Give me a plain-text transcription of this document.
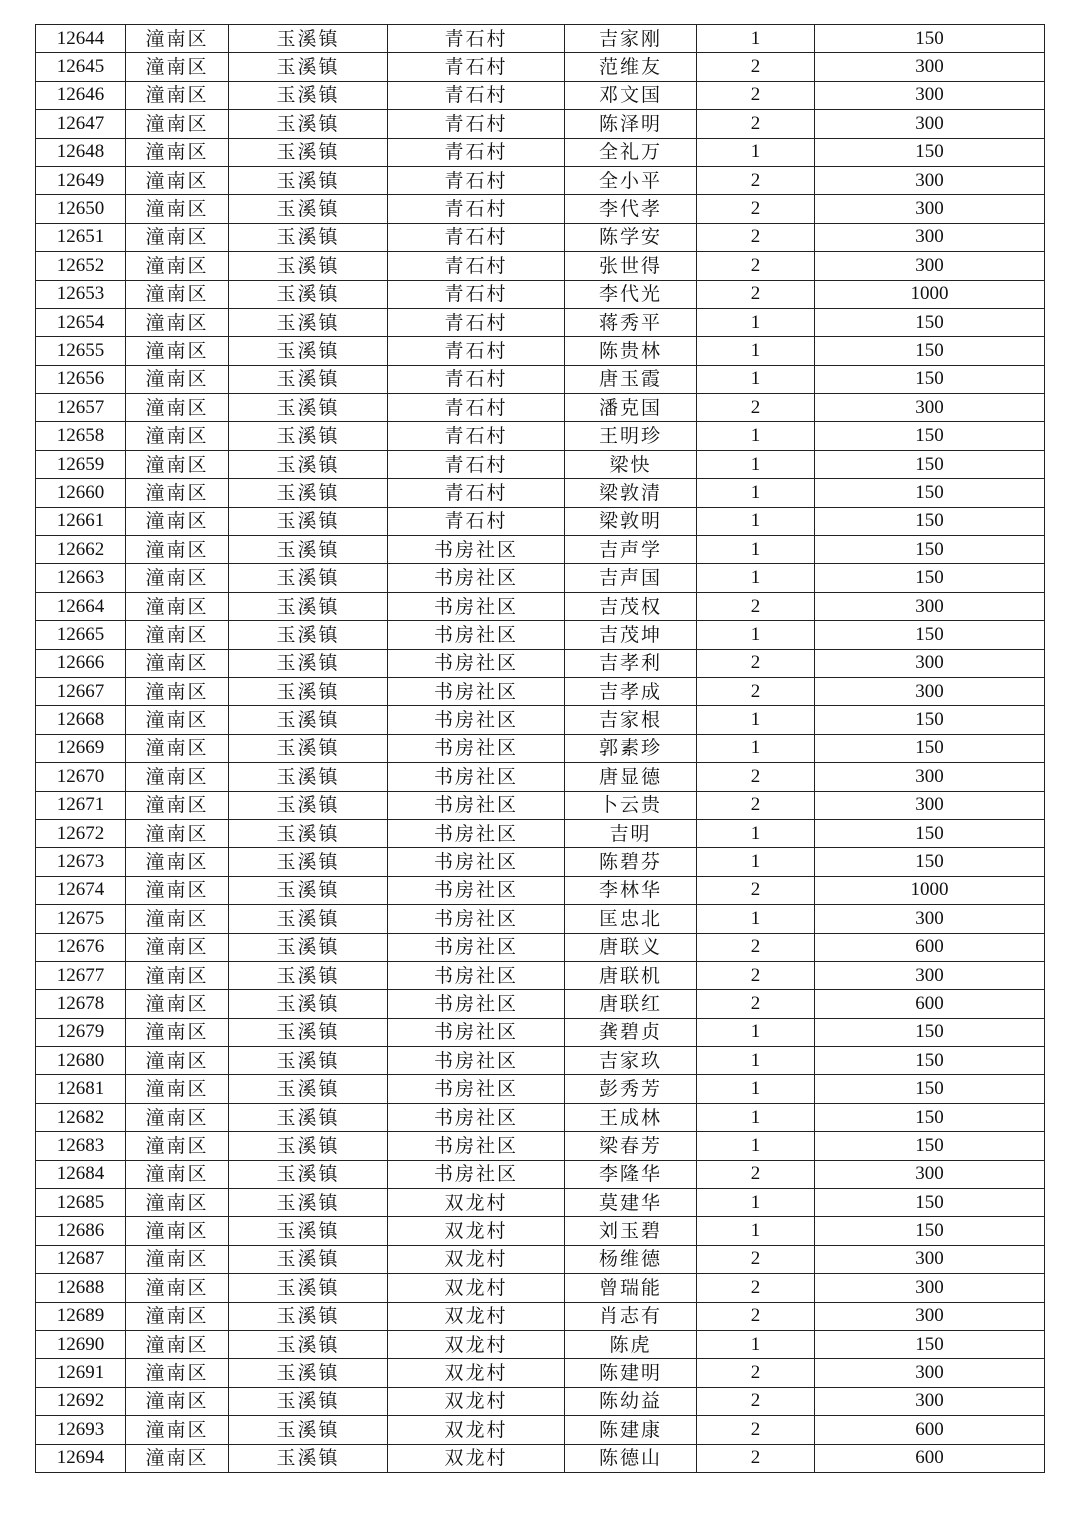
12644	潼南区	玉溪镇	青石村	吉家刚	1	150
12645	潼南区	玉溪镇	青石村	范维友	2	300
12646	潼南区	玉溪镇	青石村	邓文国	2	300
12647	潼南区	玉溪镇	青石村	陈泽明	2	300
12648	潼南区	玉溪镇	青石村	全礼万	1	150
12649	潼南区	玉溪镇	青石村	全小平	2	300
12650	潼南区	玉溪镇	青石村	李代孝	2	300
12651	潼南区	玉溪镇	青石村	陈学安	2	300
12652	潼南区	玉溪镇	青石村	张世得	2	300
12653	潼南区	玉溪镇	青石村	李代光	2	1000
12654	潼南区	玉溪镇	青石村	蒋秀平	1	150
12655	潼南区	玉溪镇	青石村	陈贵林	1	150
12656	潼南区	玉溪镇	青石村	唐玉霞	1	150
12657	潼南区	玉溪镇	青石村	潘克国	2	300
12658	潼南区	玉溪镇	青石村	王明珍	1	150
12659	潼南区	玉溪镇	青石村	梁快	1	150
12660	潼南区	玉溪镇	青石村	梁敦清	1	150
12661	潼南区	玉溪镇	青石村	梁敦明	1	150
12662	潼南区	玉溪镇	书房社区	吉声学	1	150
12663	潼南区	玉溪镇	书房社区	吉声国	1	150
12664	潼南区	玉溪镇	书房社区	吉茂权	2	300
12665	潼南区	玉溪镇	书房社区	吉茂坤	1	150
12666	潼南区	玉溪镇	书房社区	吉孝利	2	300
12667	潼南区	玉溪镇	书房社区	吉孝成	2	300
12668	潼南区	玉溪镇	书房社区	吉家根	1	150
12669	潼南区	玉溪镇	书房社区	郭素珍	1	150
12670	潼南区	玉溪镇	书房社区	唐显德	2	300
12671	潼南区	玉溪镇	书房社区	卜云贵	2	300
12672	潼南区	玉溪镇	书房社区	吉明	1	150
12673	潼南区	玉溪镇	书房社区	陈碧芬	1	150
12674	潼南区	玉溪镇	书房社区	李林华	2	1000
12675	潼南区	玉溪镇	书房社区	匡忠北	1	300
12676	潼南区	玉溪镇	书房社区	唐联义	2	600
12677	潼南区	玉溪镇	书房社区	唐联机	2	300
12678	潼南区	玉溪镇	书房社区	唐联红	2	600
12679	潼南区	玉溪镇	书房社区	龚碧贞	1	150
12680	潼南区	玉溪镇	书房社区	吉家玖	1	150
12681	潼南区	玉溪镇	书房社区	彭秀芳	1	150
12682	潼南区	玉溪镇	书房社区	王成林	1	150
12683	潼南区	玉溪镇	书房社区	梁春芳	1	150
12684	潼南区	玉溪镇	书房社区	李隆华	2	300
12685	潼南区	玉溪镇	双龙村	莫建华	1	150
12686	潼南区	玉溪镇	双龙村	刘玉碧	1	150
12687	潼南区	玉溪镇	双龙村	杨维德	2	300
12688	潼南区	玉溪镇	双龙村	曾瑞能	2	300
12689	潼南区	玉溪镇	双龙村	肖志有	2	300
12690	潼南区	玉溪镇	双龙村	陈虎	1	150
12691	潼南区	玉溪镇	双龙村	陈建明	2	300
12692	潼南区	玉溪镇	双龙村	陈幼益	2	300
12693	潼南区	玉溪镇	双龙村	陈建康	2	600
12694	潼南区	玉溪镇	双龙村	陈德山	2	600
